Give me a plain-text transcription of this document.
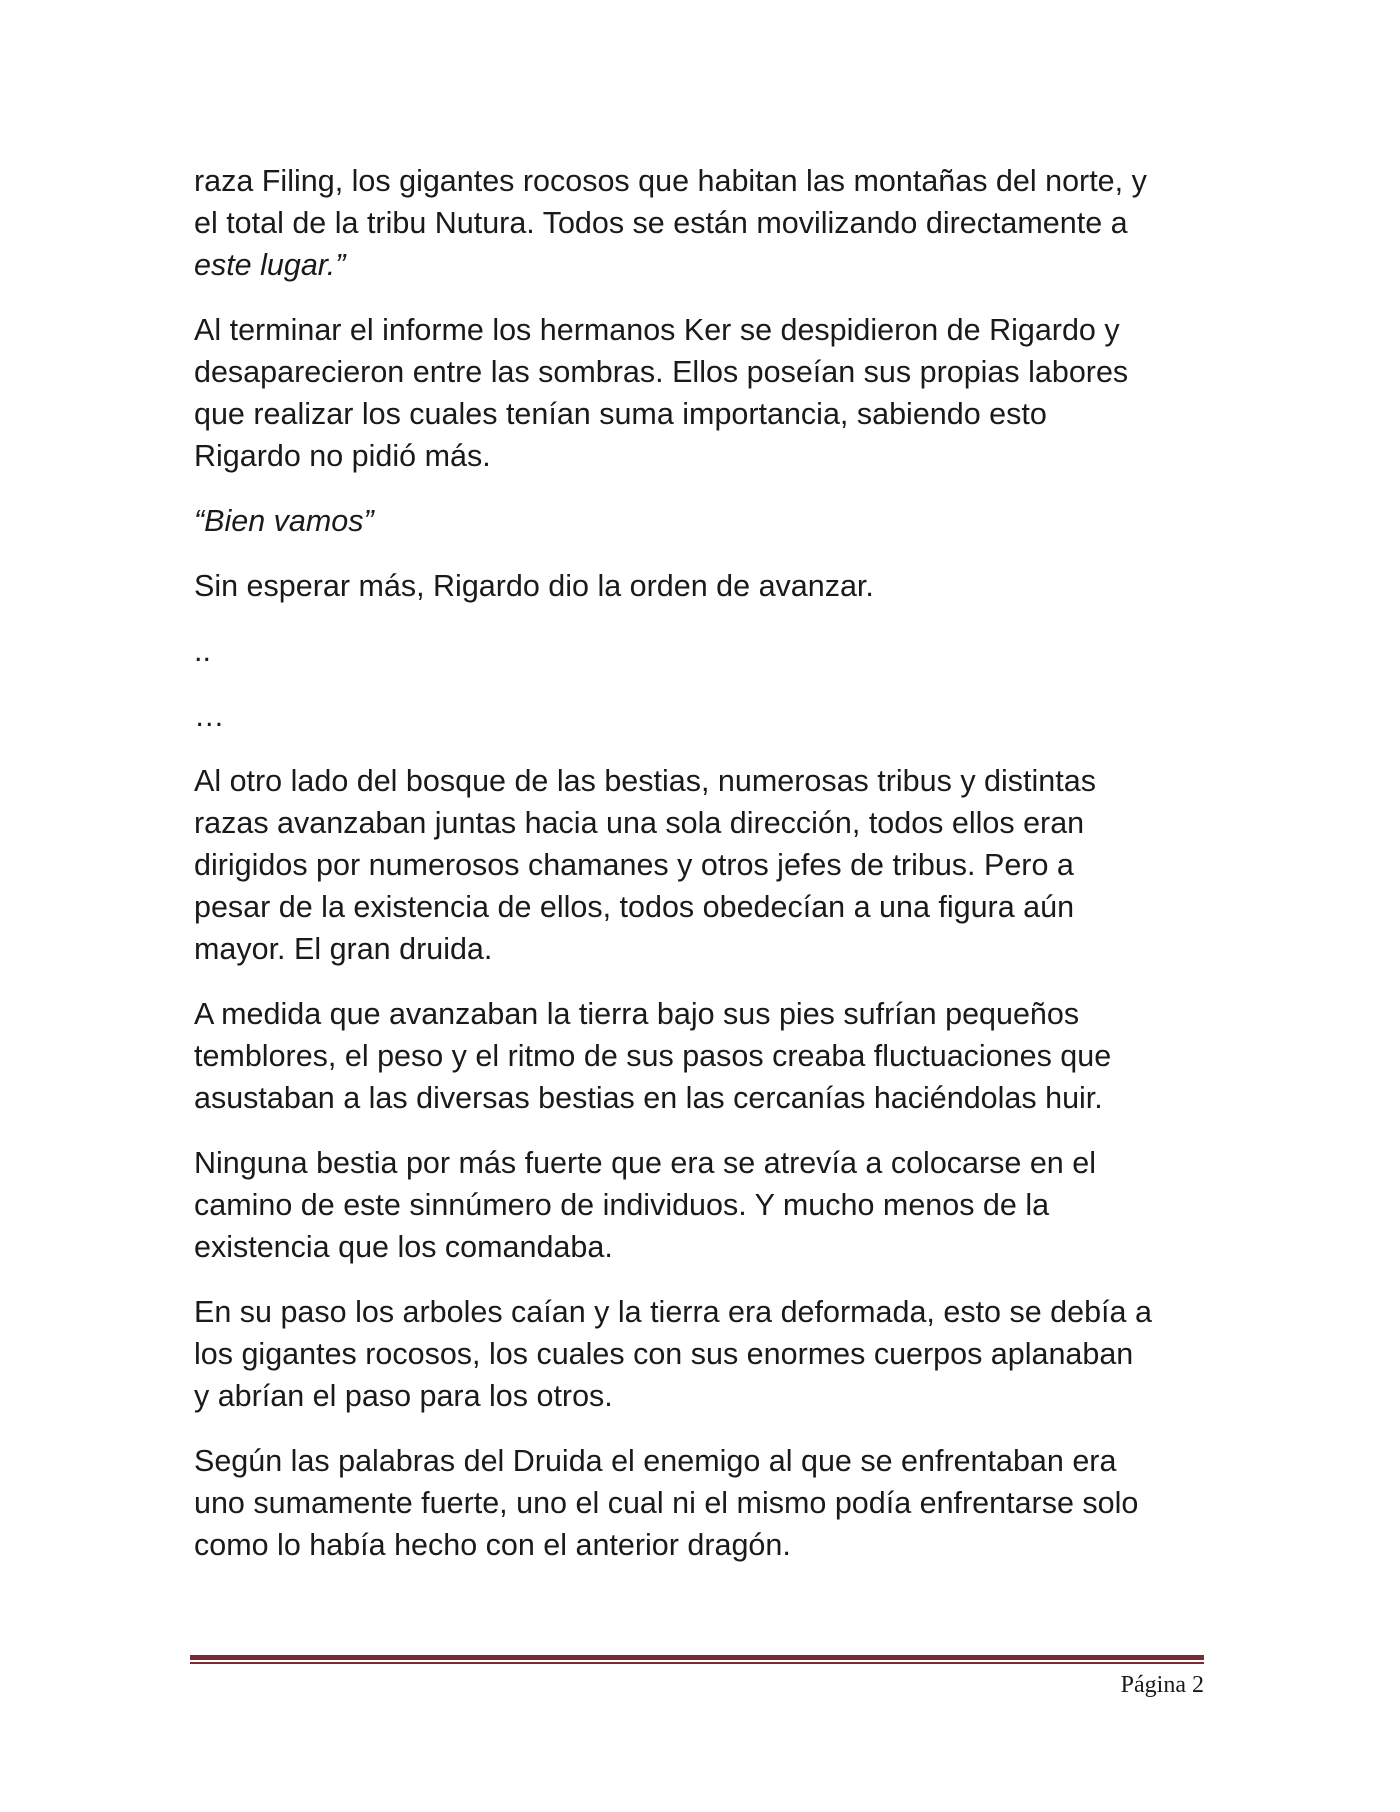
raza Filing, los gigantes rocosos que habitan las montañas del norte, y
el total de la tribu Nutura. Todos se están movilizando directamente a
este lugar.”

Al terminar el informe los hermanos Ker se despidieron de Rigardo y
desaparecieron entre las sombras. Ellos poseían sus propias labores
que realizar los cuales tenían suma importancia, sabiendo esto
Rigardo no pidió más.

“Bien vamos”

Sin esperar más, Rigardo dio la orden de avanzar.

..

…

Al otro lado del bosque de las bestias, numerosas tribus y distintas
razas avanzaban juntas hacia una sola dirección, todos ellos eran
dirigidos por numerosos chamanes y otros jefes de tribus. Pero a
pesar de la existencia de ellos, todos obedecían a una figura aún
mayor. El gran druida.

A medida que avanzaban la tierra bajo sus pies sufrían pequeños
temblores, el peso y el ritmo de sus pasos creaba fluctuaciones que
asustaban a las diversas bestias en las cercanías haciéndolas huir.

Ninguna bestia por más fuerte que era se atrevía a colocarse en el
camino de este sinnúmero de individuos. Y mucho menos de la
existencia que los comandaba.

En su paso los arboles caían y la tierra era deformada, esto se debía a
los gigantes rocosos, los cuales con sus enormes cuerpos aplanaban
y abrían el paso para los otros.

Según las palabras del Druida el enemigo al que se enfrentaban era
uno sumamente fuerte, uno el cual ni el mismo podía enfrentarse solo
como lo había hecho con el anterior dragón.

Página 2
